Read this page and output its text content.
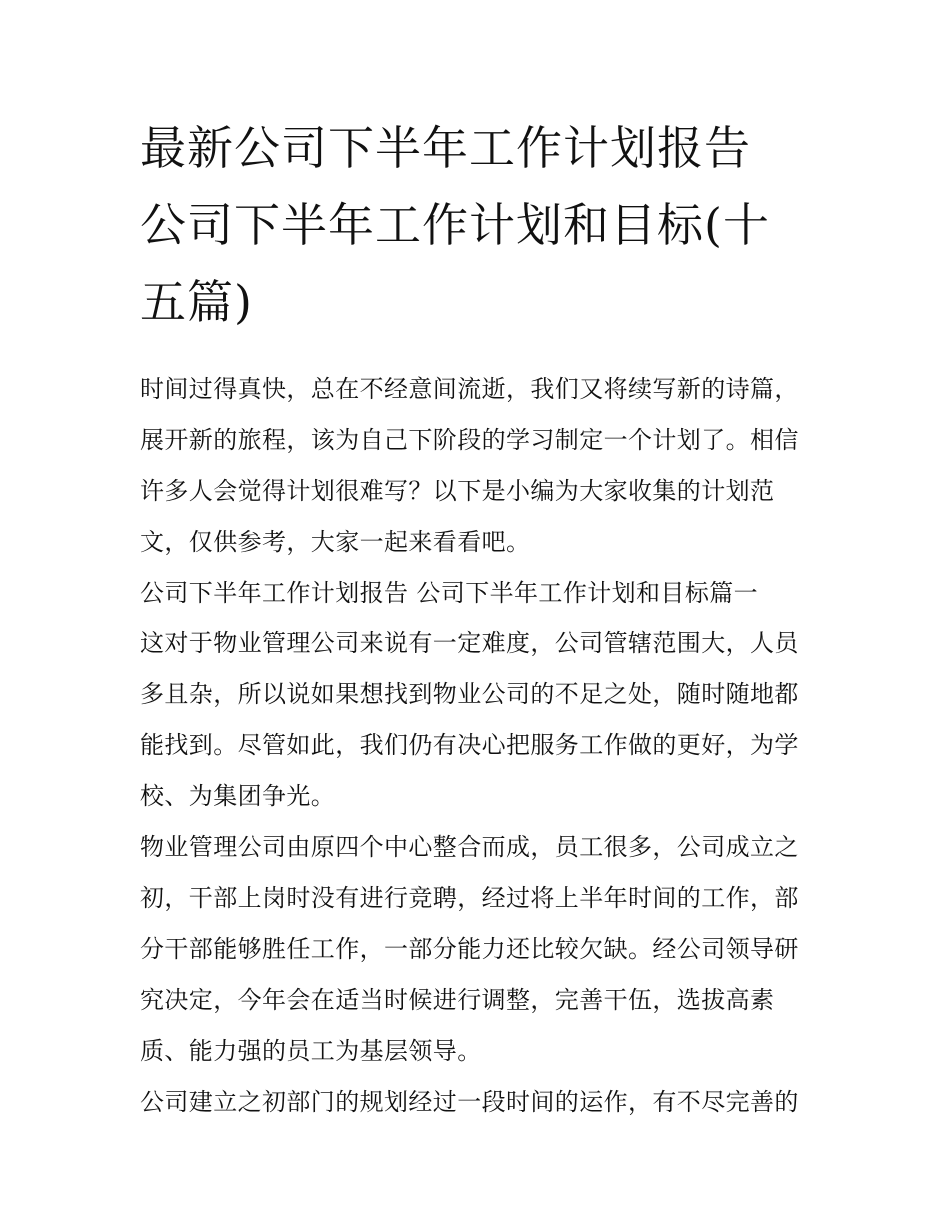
最新公司下半年工作计划报告
公司下半年工作计划和目标(十
五篇)

时间过得真快，总在不经意间流逝，我们又将续写新的诗篇，
展开新的旅程，该为自己下阶段的学习制定一个计划了。相信
许多人会觉得计划很难写？以下是小编为大家收集的计划范
文，仅供参考，大家一起来看看吧。

公司下半年工作计划报告 公司下半年工作计划和目标篇一

这对于物业管理公司来说有一定难度，公司管辖范围大，人员
多且杂，所以说如果想找到物业公司的不足之处，随时随地都
能找到。尽管如此，我们仍有决心把服务工作做的更好，为学
校、为集团争光。

物业管理公司由原四个中心整合而成，员工很多，公司成立之
初，干部上岗时没有进行竞聘，经过将上半年时间的工作，部
分干部能够胜任工作，一部分能力还比较欠缺。经公司领导研
究决定，今年会在适当时候进行调整，完善干伍，选拔高素
质、能力强的员工为基层领导。

公司建立之初部门的规划经过一段时间的运作，有不尽完善的
